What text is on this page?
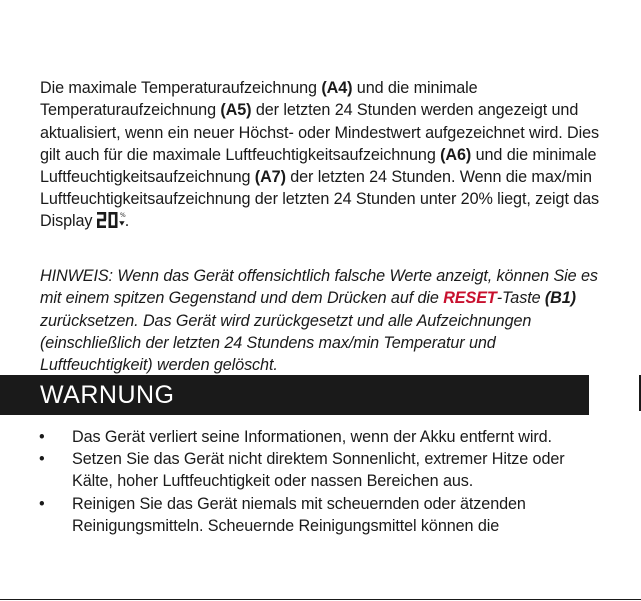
Die maximale Temperaturaufzeichnung (A4) und die minimale Temperaturaufzeichnung (A5) der letzten 24 Stunden werden angezeigt und aktualisiert, wenn ein neuer Höchst- oder Mindestwert aufgezeichnet wird. Dies gilt auch für die maximale Luftfeuchtigkeitsaufzeichnung (A6) und die minimale Luftfeuchtigkeitsaufzeichnung (A7) der letzten 24 Stunden. Wenn die max/min Luftfeuchtigkeitsaufzeichnung der letzten 24 Stunden unter 20% liegt, zeigt das Display	% .

HINWEIS: Wenn das Gerät offensichtlich falsche Werte anzeigt, können Sie es mit einem spitzen Gegenstand und dem Drücken auf die RESET-Taste (B1) zurücksetzen. Das Gerät wird zurückgesetzt und alle Aufzeichnungen (einschließlich der letzten 24 Stundens max/min Temperatur und Luftfeuchtigkeit) werden gelöscht.

WARNUNG
• Das Gerät verliert seine Informationen, wenn der Akku entfernt wird.
• Setzen Sie das Gerät nicht direktem Sonnenlicht, extremer Hitze oder Kälte, hoher Luftfeuchtigkeit oder nassen Bereichen aus.
• Reinigen Sie das Gerät niemals mit scheuernden oder ätzenden Reinigungsmitteln. Scheuernde Reinigungsmittel können die
